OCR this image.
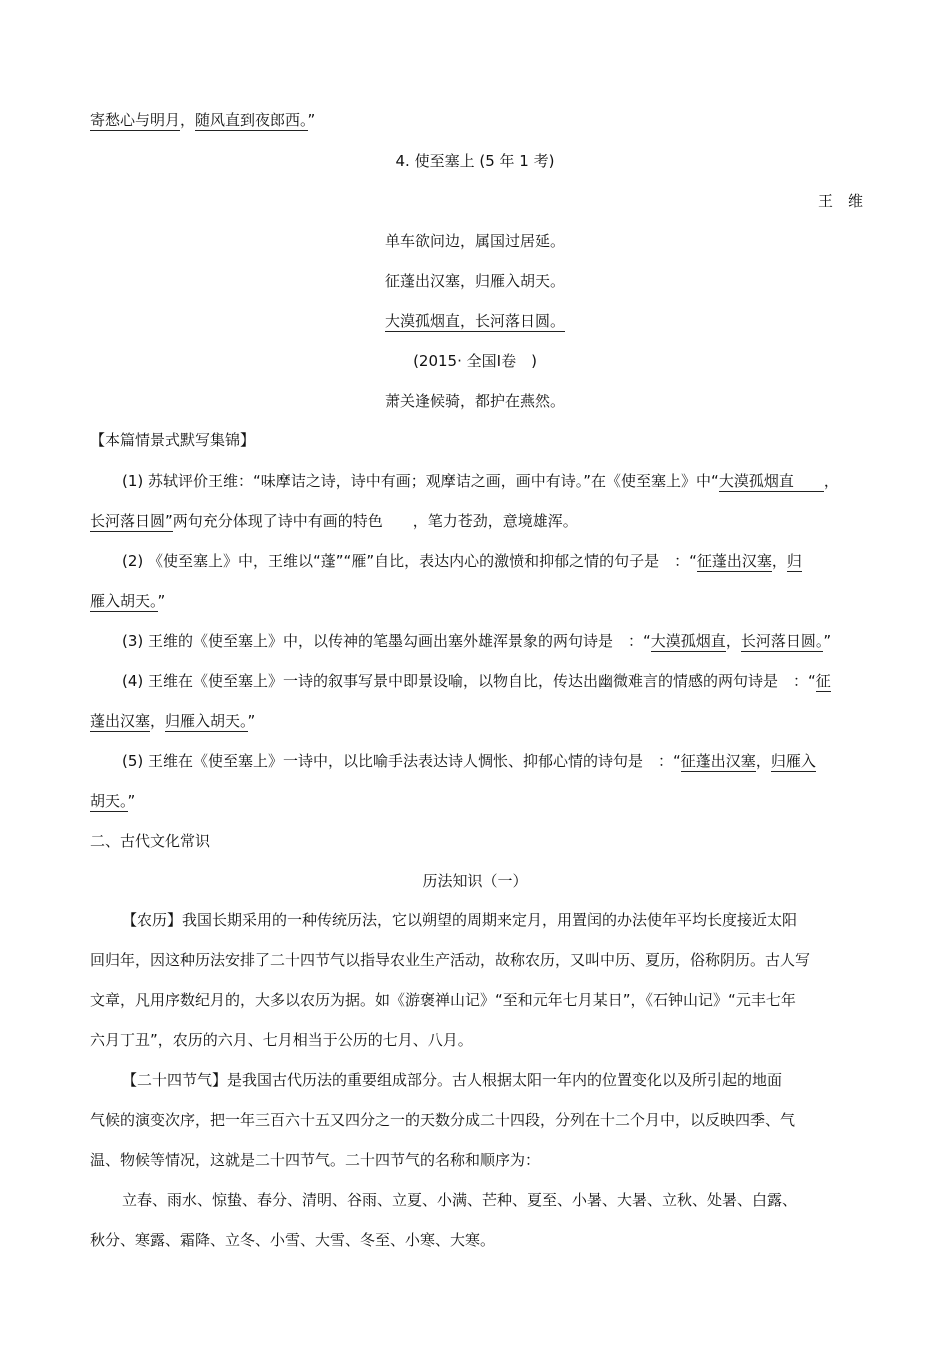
寄愁心与明月，随风直到夜郎西。”
4. 使至塞上 (5 年 1 考)
王　维
单车欲问边，属国过居延。
征蓬出汉塞，归雁入胡天。
大漠孤烟直，长河落日圆。
(2015· 全国Ⅰ卷　)
萧关逢候骑，都护在燕然。
【本篇情景式默写集锦】
(1) 苏轼评价王维：“味摩诘之诗，诗中有画；观摩诘之画，画中有诗。”在《使至塞上》中“大漠孤烟直　　，
长河落日圆”两句充分体现了诗中有画的特色　　，笔力苍劲，意境雄浑。
(2) 《使至塞上》中，王维以“蓬”“雁”自比，表达内心的激愤和抑郁之情的句子是　：“征蓬出汉塞，归
雁入胡天。”
(3) 王维的《使至塞上》中，以传神的笔墨勾画出塞外雄浑景象的两句诗是　：“大漠孤烟直，长河落日圆。”
(4) 王维在《使至塞上》一诗的叙事写景中即景设喻，以物自比，传达出幽微难言的情感的两句诗是　：“征
蓬出汉塞，归雁入胡天。”
(5) 王维在《使至塞上》一诗中，以比喻手法表达诗人惆怅、抑郁心情的诗句是　：“征蓬出汉塞，归雁入
胡天。”
二、古代文化常识
历法知识（一）
【农历】我国长期采用的一种传统历法，它以朔望的周期来定月，用置闰的办法使年平均长度接近太阳
回归年，因这种历法安排了二十四节气以指导农业生产活动，故称农历，又叫中历、夏历，俗称阴历。古人写
文章，凡用序数纪月的，大多以农历为据。如《游褒禅山记》“至和元年七月某日”，《石钟山记》“元丰七年
六月丁丑”，农历的六月、七月相当于公历的七月、八月。
【二十四节气】是我国古代历法的重要组成部分。古人根据太阳一年内的位置变化以及所引起的地面
气候的演变次序，把一年三百六十五又四分之一的天数分成二十四段，分列在十二个月中，以反映四季、气
温、物候等情况，这就是二十四节气。二十四节气的名称和顺序为：
立春、雨水、惊蛰、春分、清明、谷雨、立夏、小满、芒种、夏至、小暑、大暑、立秋、处暑、白露、
秋分、寒露、霜降、立冬、小雪、大雪、冬至、小寒、大寒。
